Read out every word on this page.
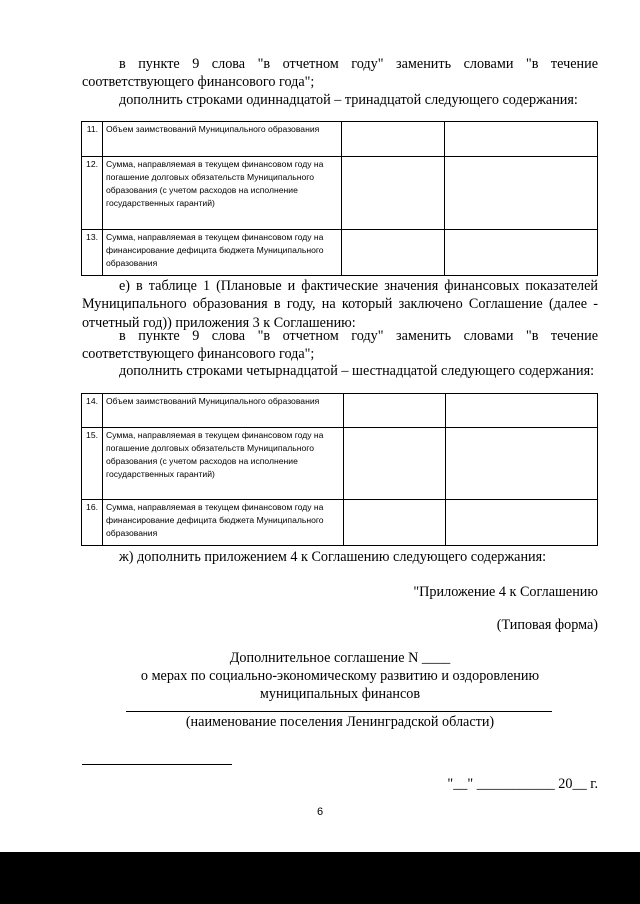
в пункте 9 слова "в отчетном году" заменить словами "в течение соответствующего финансового года";

дополнить строками одиннадцатой – тринадцатой следующего содержания:

11.	Объем заимствований Муниципального образования		
12.	Сумма, направляемая в текущем финансовом году на погашение долговых обязательств Муниципального образования (с учетом расходов на исполнение государственных гарантий)		
13.	Сумма, направляемая в текущем финансовом году на финансирование дефицита бюджета Муниципального образования		

е) в таблице 1 (Плановые и фактические значения финансовых показателей Муниципального образования в году, на который заключено Соглашение (далее - отчетный год)) приложения 3 к Соглашению:

в пункте 9 слова "в отчетном году" заменить словами "в течение соответствующего финансового года";

дополнить строками четырнадцатой – шестнадцатой следующего содержания:

14.	Объем заимствований Муниципального образования		
15.	Сумма, направляемая в текущем финансовом году на погашение долговых обязательств Муниципального образования (с учетом расходов на исполнение государственных гарантий)		
16.	Сумма, направляемая в текущем финансовом году на финансирование дефицита бюджета Муниципального образования		

ж) дополнить приложением 4 к Соглашению следующего содержания:

"Приложение 4 к Соглашению
(Типовая форма)
Дополнительное соглашение N ____
о мерах по социально-экономическому развитию и оздоровлению
муниципальных финансов
(наименование поселения Ленинградской области)
"__" ___________ 20__ г.
6
